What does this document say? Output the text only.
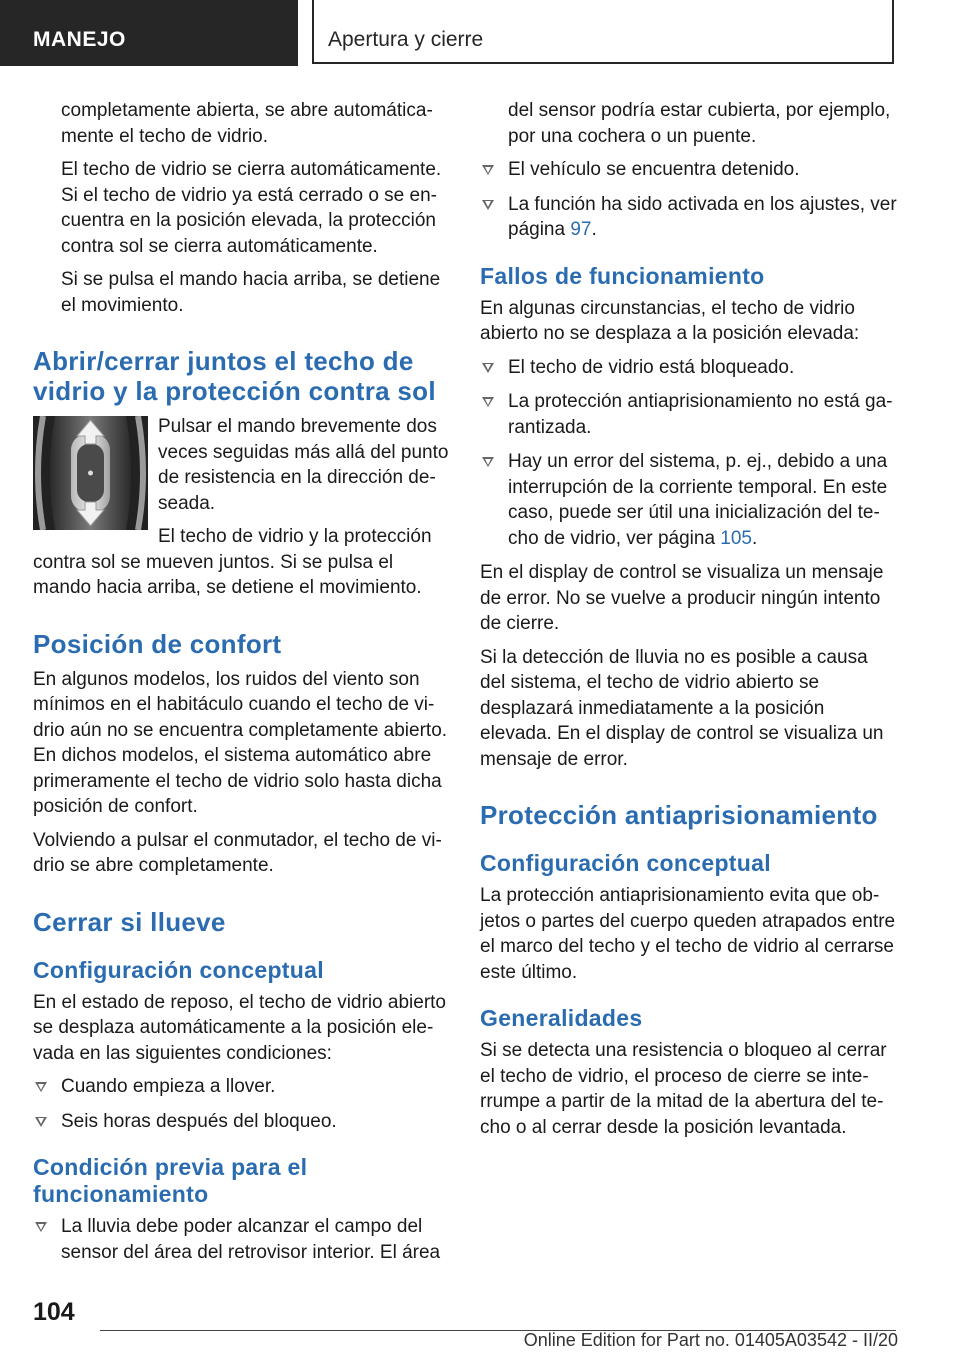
MANEJO	Apertura y cierre

completamente abierta, se abre automáticamente el techo de vidrio.

El techo de vidrio se cierra automáticamente. Si el techo de vidrio ya está cerrado o se encuentra en la posición elevada, la protección contra sol se cierra automáticamente.

Si se pulsa el mando hacia arriba, se detiene el movimiento.

Abrir/cerrar juntos el techo de vidrio y la protección contra sol

Pulsar el mando brevemente dos veces seguidas más allá del punto de resistencia en la dirección deseada.

El techo de vidrio y la protección contra sol se mueven juntos. Si se pulsa el mando hacia arriba, se detiene el movimiento.

Posición de confort

En algunos modelos, los ruidos del viento son mínimos en el habitáculo cuando el techo de vidrio aún no se encuentra completamente abierto. En dichos modelos, el sistema automático abre primeramente el techo de vidrio solo hasta dicha posición de confort.

Volviendo a pulsar el conmutador, el techo de vidrio se abre completamente.

Cerrar si llueve
Configuración conceptual

En el estado de reposo, el techo de vidrio abierto se desplaza automáticamente a la posición elevada en las siguientes condiciones:

Cuando empieza a llover.
Seis horas después del bloqueo.
Condición previa para el funcionamiento
La lluvia debe poder alcanzar el campo del sensor del área del retrovisor interior. El área

del sensor podría estar cubierta, por ejemplo, por una cochera o un puente.

El vehículo se encuentra detenido.
La función ha sido activada en los ajustes, ver página 97.
Fallos de funcionamiento

En algunas circunstancias, el techo de vidrio abierto no se desplaza a la posición elevada:

El techo de vidrio está bloqueado.
La protección antiaprisionamiento no está garantizada.
Hay un error del sistema, p. ej., debido a una interrupción de la corriente temporal. En este caso, puede ser útil una inicialización del techo de vidrio, ver página 105.

En el display de control se visualiza un mensaje de error. No se vuelve a producir ningún intento de cierre.

Si la detección de lluvia no es posible a causa del sistema, el techo de vidrio abierto se desplazará inmediatamente a la posición elevada. En el display de control se visualiza un mensaje de error.

Protección antiaprisionamiento
Configuración conceptual

La protección antiaprisionamiento evita que objetos o partes del cuerpo queden atrapados entre el marco del techo y el techo de vidrio al cerrarse este último.

Generalidades

Si se detecta una resistencia o bloqueo al cerrar el techo de vidrio, el proceso de cierre se interrumpe a partir de la mitad de la abertura del techo o al cerrar desde la posición levantada.

104
Online Edition for Part no. 01405A03542 - II/20
